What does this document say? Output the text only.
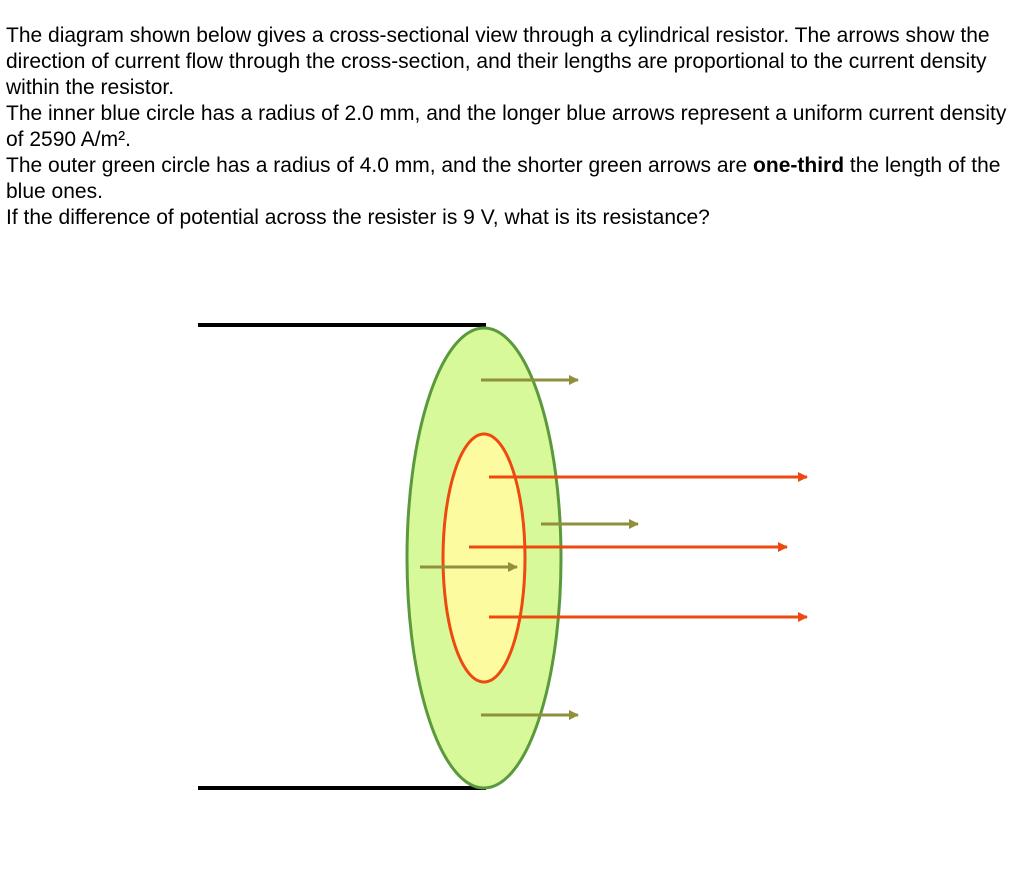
The diagram shown below gives a cross-sectional view through a cylindrical resistor. The arrows show the direction of current flow through the cross-section, and their lengths are proportional to the current density within the resistor.

The inner blue circle has a radius of 2.0 mm, and the longer blue arrows represent a uniform current density of 2590 A/m².

The outer green circle has a radius of 4.0 mm, and the shorter green arrows are one-third the length of the blue ones.

If the difference of potential across the resister is 9 V, what is its resistance?
